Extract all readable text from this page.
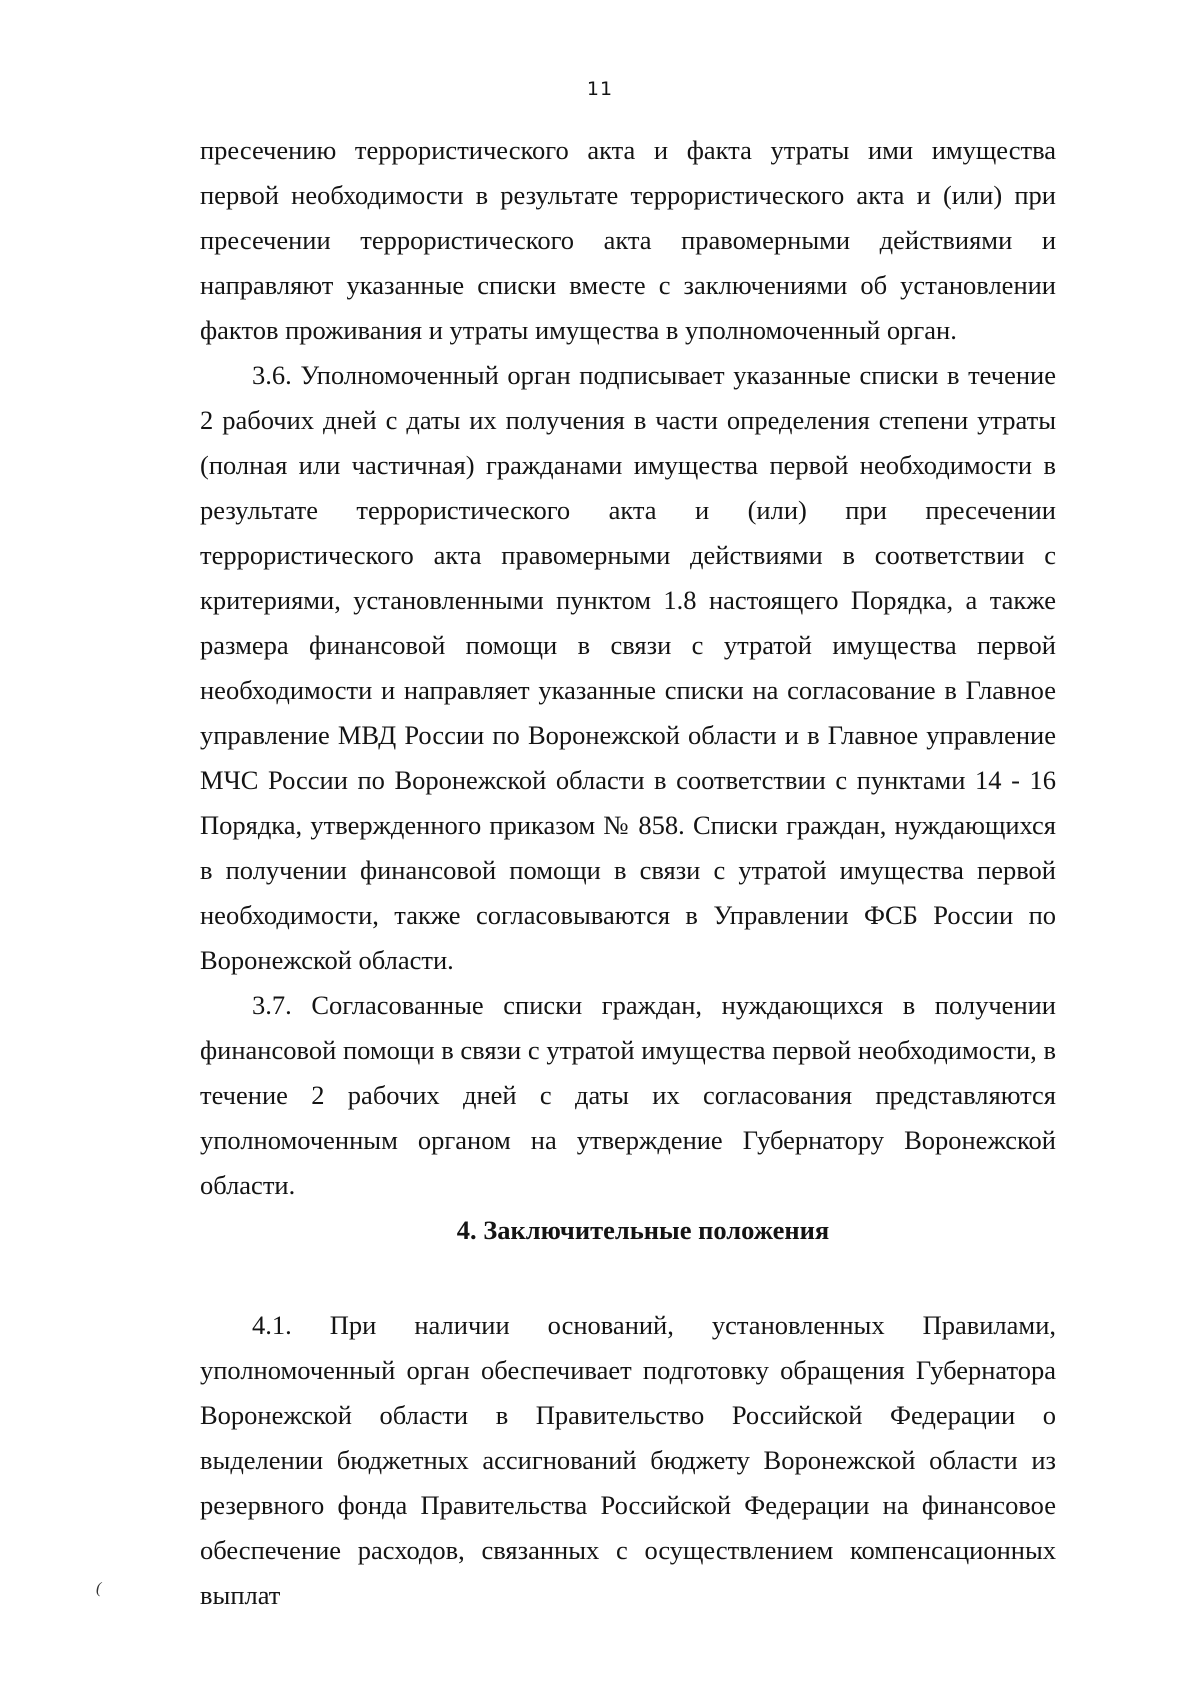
11

пресечению террористического акта и факта утраты ими имущества первой необходимости в результате террористического акта и (или) при пресечении террористического акта правомерными действиями и направляют указанные списки вместе с заключениями об установлении фактов проживания и утраты имущества в уполномоченный орган.

3.6. Уполномоченный орган подписывает указанные списки в течение 2 рабочих дней с даты их получения в части определения степени утраты (полная или частичная) гражданами имущества первой необходимости в результате террористического акта и (или) при пресечении террористического акта правомерными действиями в соответствии с критериями, установленными пунктом 1.8 настоящего Порядка, а также размера финансовой помощи в связи с утратой имущества первой необходимости и направляет указанные списки на согласование в Главное управление МВД России по Воронежской области и в Главное управление МЧС России по Воронежской области в соответствии с пунктами 14 - 16 Порядка, утвержденного приказом № 858. Списки граждан, нуждающихся в получении финансовой помощи в связи с утратой имущества первой необходимости, также согласовываются в Управлении ФСБ России по Воронежской области.

3.7. Согласованные списки граждан, нуждающихся в получении финансовой помощи в связи с утратой имущества первой необходимости, в течение 2 рабочих дней с даты их согласования представляются уполномоченным органом на утверждение Губернатору Воронежской области.

4. Заключительные положения

4.1. При наличии оснований, установленных Правилами, уполномоченный орган обеспечивает подготовку обращения Губернатора Воронежской области в Правительство Российской Федерации о выделении бюджетных ассигнований бюджету Воронежской области из резервного фонда Правительства Российской Федерации на финансовое обеспечение расходов, связанных с осуществлением компенсационных выплат

(
